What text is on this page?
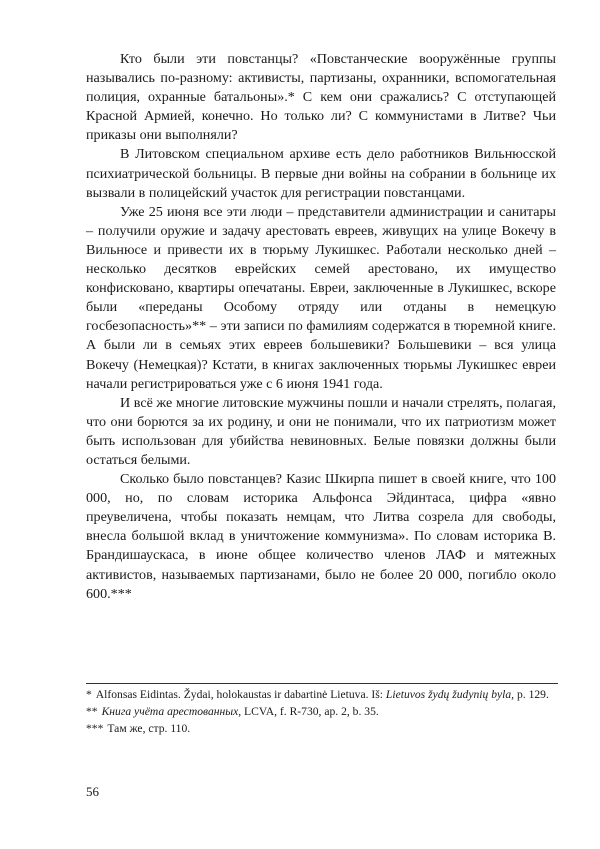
Кто были эти повстанцы? «Повстанческие вооружённые группы назывались по-разному: активисты, партизаны, охранники, вспомогательная полиция, охранные батальоны».* С кем они сражались? С отступающей Красной Армией, конечно. Но только ли? С коммунистами в Литве? Чьи приказы они выполняли?

В Литовском специальном архиве есть дело работников Вильнюсской психиатрической больницы. В первые дни войны на собрании в больнице их вызвали в полицейский участок для регистрации повстанцами.

Уже 25 июня все эти люди – представители администрации и санитары – получили оружие и задачу арестовать евреев, живущих на улице Вокечу в Вильнюсе и привести их в тюрьму Лукишкес. Работали несколько дней – несколько десятков еврейских семей арестовано, их имущество конфисковано, квартиры опечатаны. Евреи, заключенные в Лукишкес, вскоре были «переданы Особому отряду или отданы в немецкую госбезопасность»** – эти записи по фамилиям содержатся в тюремной книге. А были ли в семьях этих евреев большевики? Большевики – вся улица Вокечу (Немецкая)? Кстати, в книгах заключенных тюрьмы Лукишкес евреи начали регистрироваться уже с 6 июня 1941 года.

И всё же многие литовские мужчины пошли и начали стрелять, полагая, что они борются за их родину, и они не понимали, что их патриотизм может быть использован для убийства невиновных. Белые повязки должны были остаться белыми.

Сколько было повстанцев? Казис Шкирпа пишет в своей книге, что 100 000, но, по словам историка Альфонса Эйдинтаса, цифра «явно преувеличена, чтобы показать немцам, что Литва созрела для свободы, внесла большой вклад в уничтожение коммунизма». По словам историка В. Брандишаускаса, в июне общее количество членов ЛАФ и мятежных активистов, называемых партизанами, было не более 20 000, погибло около 600.***

* Alfonsas Eidintas. Žydai, holokaustas ir dabartinė Lietuva. Iš: Lietuvos žydų žudynių byla, p. 129.

** Книга учёта арестованных, LCVA, f. R-730, ap. 2, b. 35.

*** Там же, стр. 110.

56
